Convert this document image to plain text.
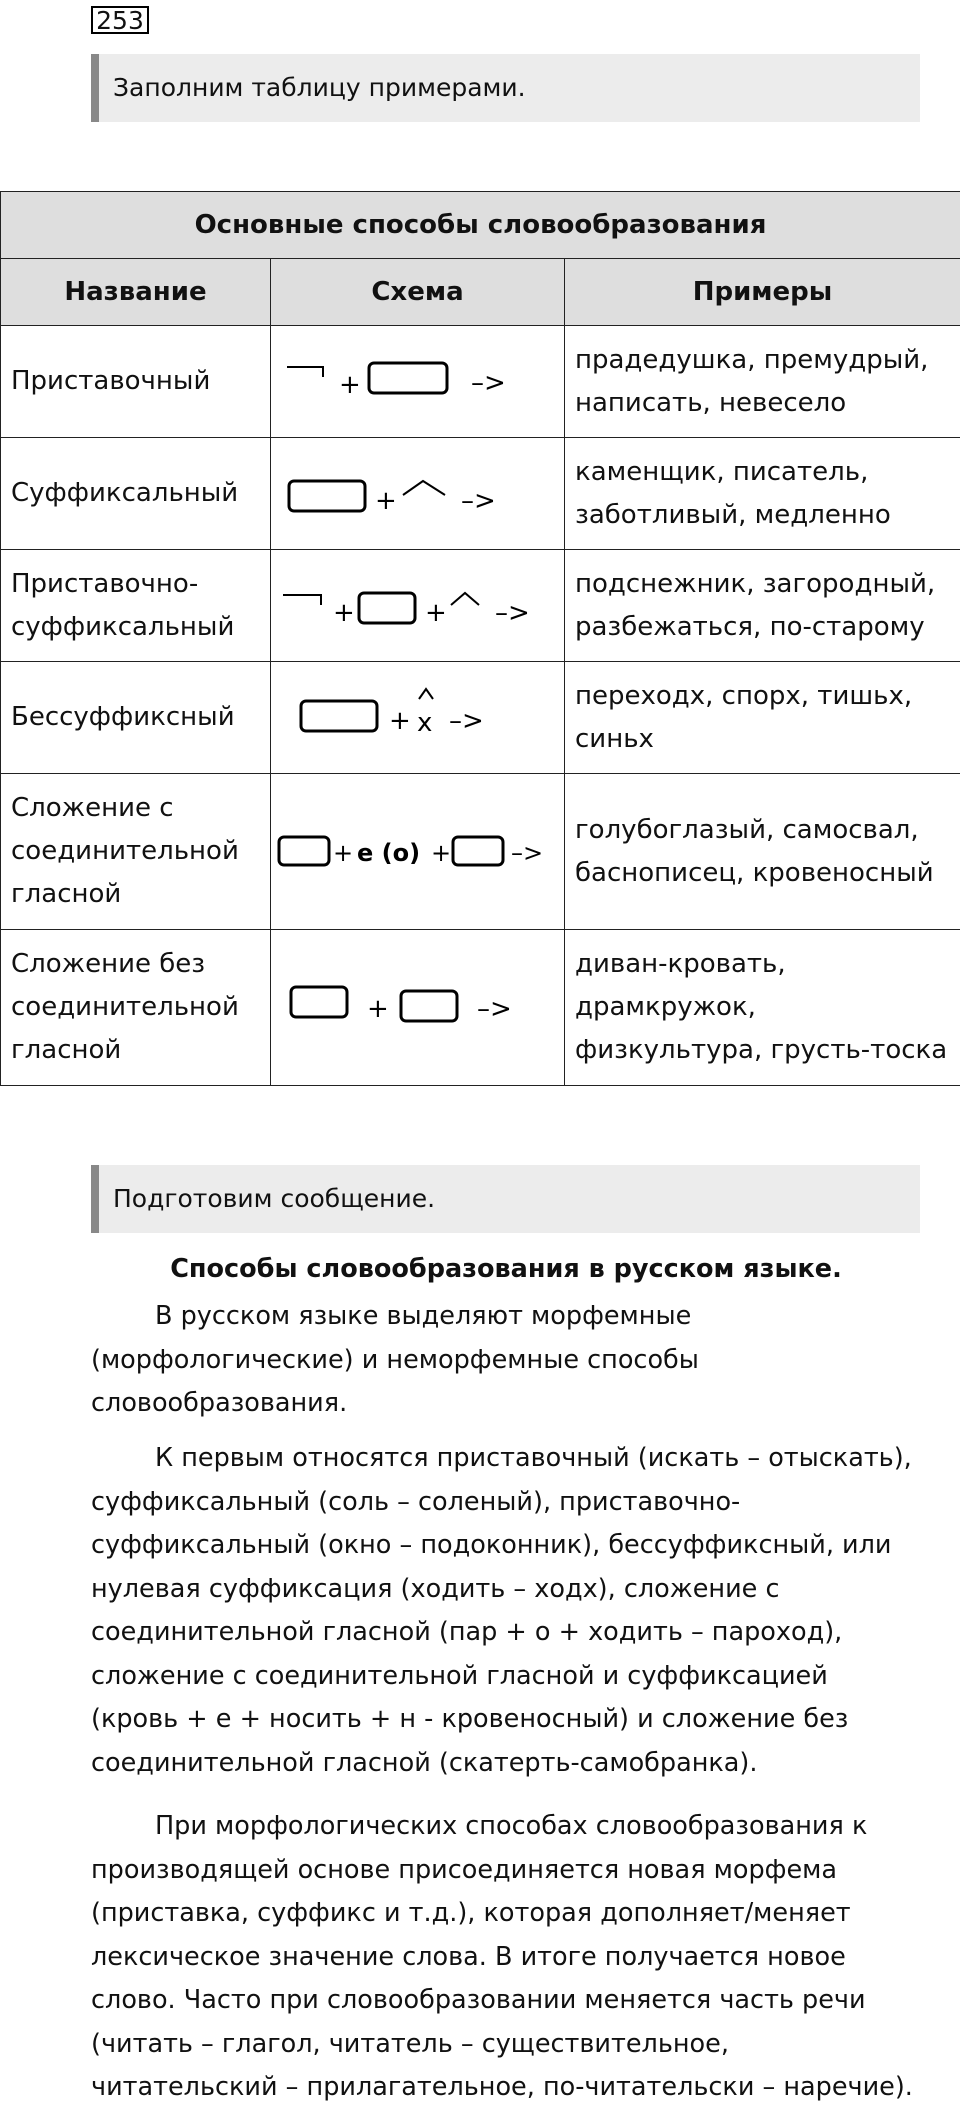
253
Заполним таблицу примерами.
Основные способы словообразования		
Название	Схема	Примеры
Приставочный	+ –>	прадедушка, премудрый, написать, невесело
Суффиксальный	+ –>	каменщик, писатель, заботливый, медленно
Приставочно-суффиксальный	+ + –>	подснежник, загородный, разбежаться, по-старому
Бессуффиксный	+ х –>	переходх, спорх, тишьх, синьх
Сложение с соединительной гласной	+ е (о) + –>	голубоглазый, самосвал, баснописец, кровеносный
Сложение без соединительной гласной	+ –>	диван-кровать, драмкружок, физкультура, грусть-тоска
Подготовим сообщение.
Способы словообразования в русском языке.

В русском языке выделяют морфемные (морфологические) и неморфемные способы словообразования.

К первым относятся приставочный (искать – отыскать), суффиксальный (соль – соленый), приставочно-суффиксальный (окно – подоконник), бессуффиксный, или нулевая суффиксация (ходить – ходх), сложение с соединительной гласной (пар + о + ходить – пароход), сложение с соединительной гласной и суффиксацией (кровь + е + носить + н - кровеносный) и сложение без соединительной гласной (скатерть-самобранка).

При морфологических способах словообразования к производящей основе присоединяется новая морфема (приставка, суффикс и т.д.), которая дополняет/меняет лексическое значение слова. В итоге получается новое слово. Часто при словообразовании меняется часть речи (читать – глагол, читатель – существительное, читательский – прилагательное, по-читательски – наречие).
